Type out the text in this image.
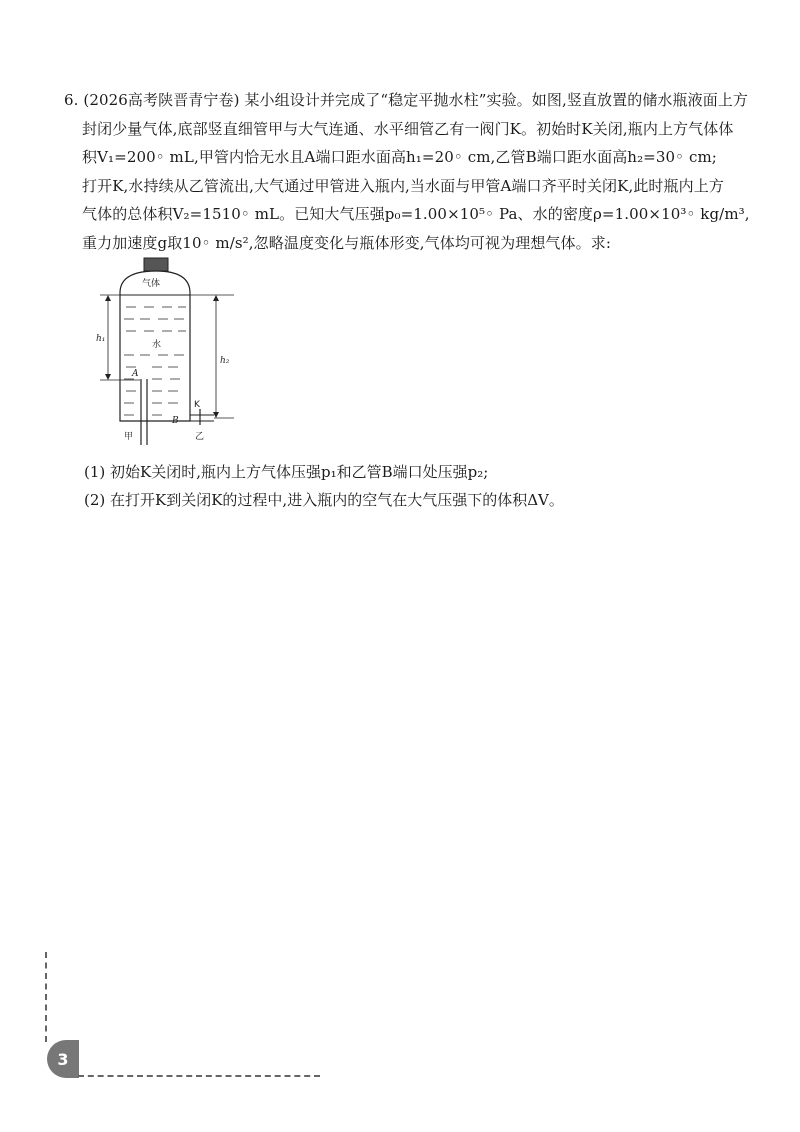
6. (2026高考陕晋青宁卷) 某小组设计并完成了“稳定平抛水柱”实验。如图,竖直放置的储水瓶液面上方
封闭少量气体,底部竖直细管甲与大气连通、水平细管乙有一阀门K。初始时K关闭,瓶内上方气体体
积V₁=200◦ mL,甲管内恰无水且A端口距水面高h₁=20◦ cm,乙管B端口距水面高h₂=30◦ cm;
打开K,水持续从乙管流出,大气通过甲管进入瓶内,当水面与甲管A端口齐平时关闭K,此时瓶内上方
气体的总体积V₂=1510◦ mL。已知大气压强p₀=1.00×10⁵◦ Pa、水的密度ρ=1.00×10³◦ kg/m³,
重力加速度g取10◦ m/s²,忽略温度变化与瓶体形变,气体均可视为理想气体。求:
气体
水
h₁
h₂
A
B
K
甲	乙
(1) 初始K关闭时,瓶内上方气体压强p₁和乙管B端口处压强p₂;
(2) 在打开K到关闭K的过程中,进入瓶内的空气在大气压强下的体积ΔV。
3
